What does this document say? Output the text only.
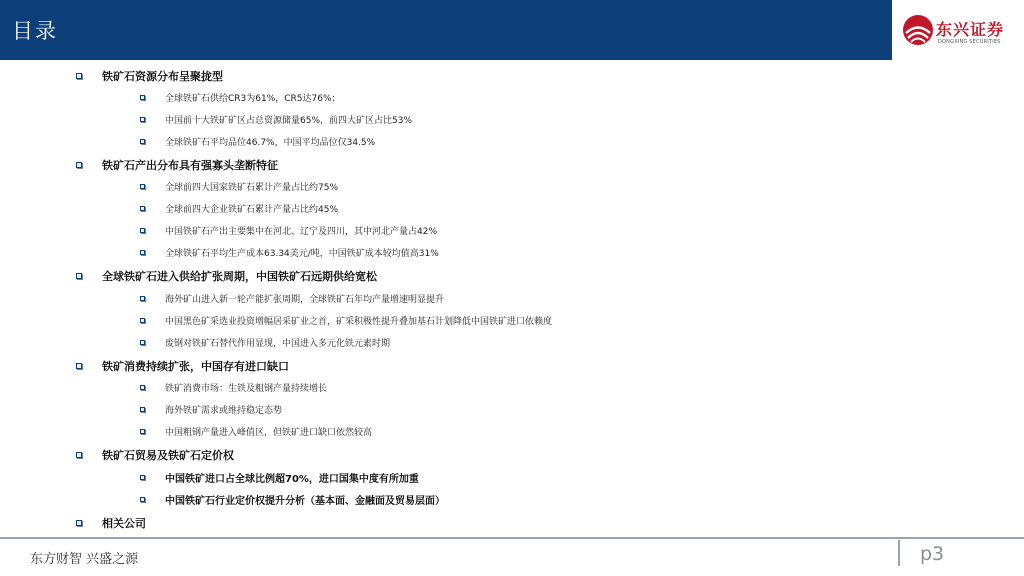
目录	东兴证券
DONGXING SECURITIES
铁矿石资源分布呈聚拢型
全球铁矿石供给CR3为61%，CR5达76%；
中国前十大铁矿矿区占总资源储量65%，前四大矿区占比53%
全球铁矿石平均品位46.7%，中国平均品位仅34.5%
铁矿石产出分布具有强寡头垄断特征
全球前四大国家铁矿石累计产量占比约75%
全球前四大企业铁矿石累计产量占比约45%
中国铁矿石产出主要集中在河北、辽宁及四川，其中河北产量占42%
全球铁矿石平均生产成本63.34美元/吨，中国铁矿成本较均值高31%
全球铁矿石进入供给扩张周期，中国铁矿石远期供给宽松
海外矿山进入新一轮产能扩张周期，全球铁矿石年均产量增速明显提升
中国黑色矿采选业投资增幅居采矿业之首，矿采积极性提升叠加基石计划降低中国铁矿进口依赖度
废钢对铁矿石替代作用显现，中国进入多元化铁元素时期
铁矿消费持续扩张，中国存有进口缺口
铁矿消费市场：生铁及粗钢产量持续增长
海外铁矿需求或维持稳定态势
中国粗钢产量进入峰值区，但铁矿进口缺口依然较高
铁矿石贸易及铁矿石定价权
中国铁矿进口占全球比例超70%，进口国集中度有所加重
中国铁矿石行业定价权提升分析（基本面、金融面及贸易层面）
相关公司
东方财智 兴盛之源	p3
